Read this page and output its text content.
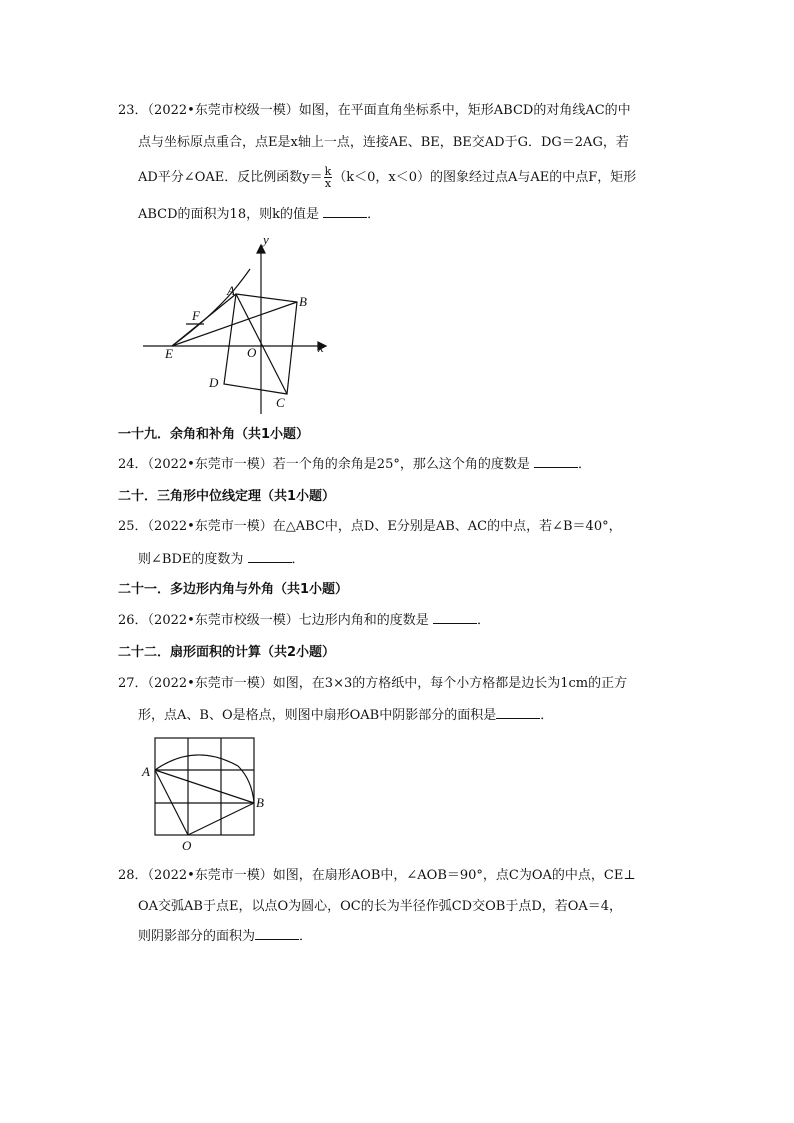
23．（2022•东莞市校级一模）如图，在平面直角坐标系中，矩形ABCD的对角线AC的中
点与坐标原点重合，点E是x轴上一点，连接AE、BE，BE交AD于G．DG＝2AG，若
AD平分∠OAE．反比例函数$y= \frac{k}{x} (k<0$，x＜0）的图象经过点A与AE的中点F，矩形
ABCD的面积为18，则k的值是	．
y
x
A
B
C
D
E
F
O
一十九．余角和补角（共1小题）
24．（2022•东莞市一模）若一个角的余角是25°，那么这个角的度数是	．
二十．三角形中位线定理（共1小题）
25．（2022•东莞市一模）在△ABC中，点D、E分别是AB、AC的中点，若∠B＝40°，
则∠BDE的度数为	．
二十一．多边形内角与外角（共1小题）
26．（2022•东莞市校级一模）七边形内角和的度数是	．
二十二．扇形面积的计算（共2小题）
27．（2022•东莞市一模）如图，在3×3的方格纸中，每个小方格都是边长为1cm的正方
形，点A、B、O是格点，则图中扇形OAB中阴影部分的面积是	．
A
B
O
28．（2022•东莞市一模）如图，在扇形AOB中，∠AOB＝90°，点C为OA的中点，CE⊥
OA交弧AB于点E，以点O为圆心，OC的长为半径作弧CD交OB于点D，若OA＝4，
则阴影部分的面积为	．
